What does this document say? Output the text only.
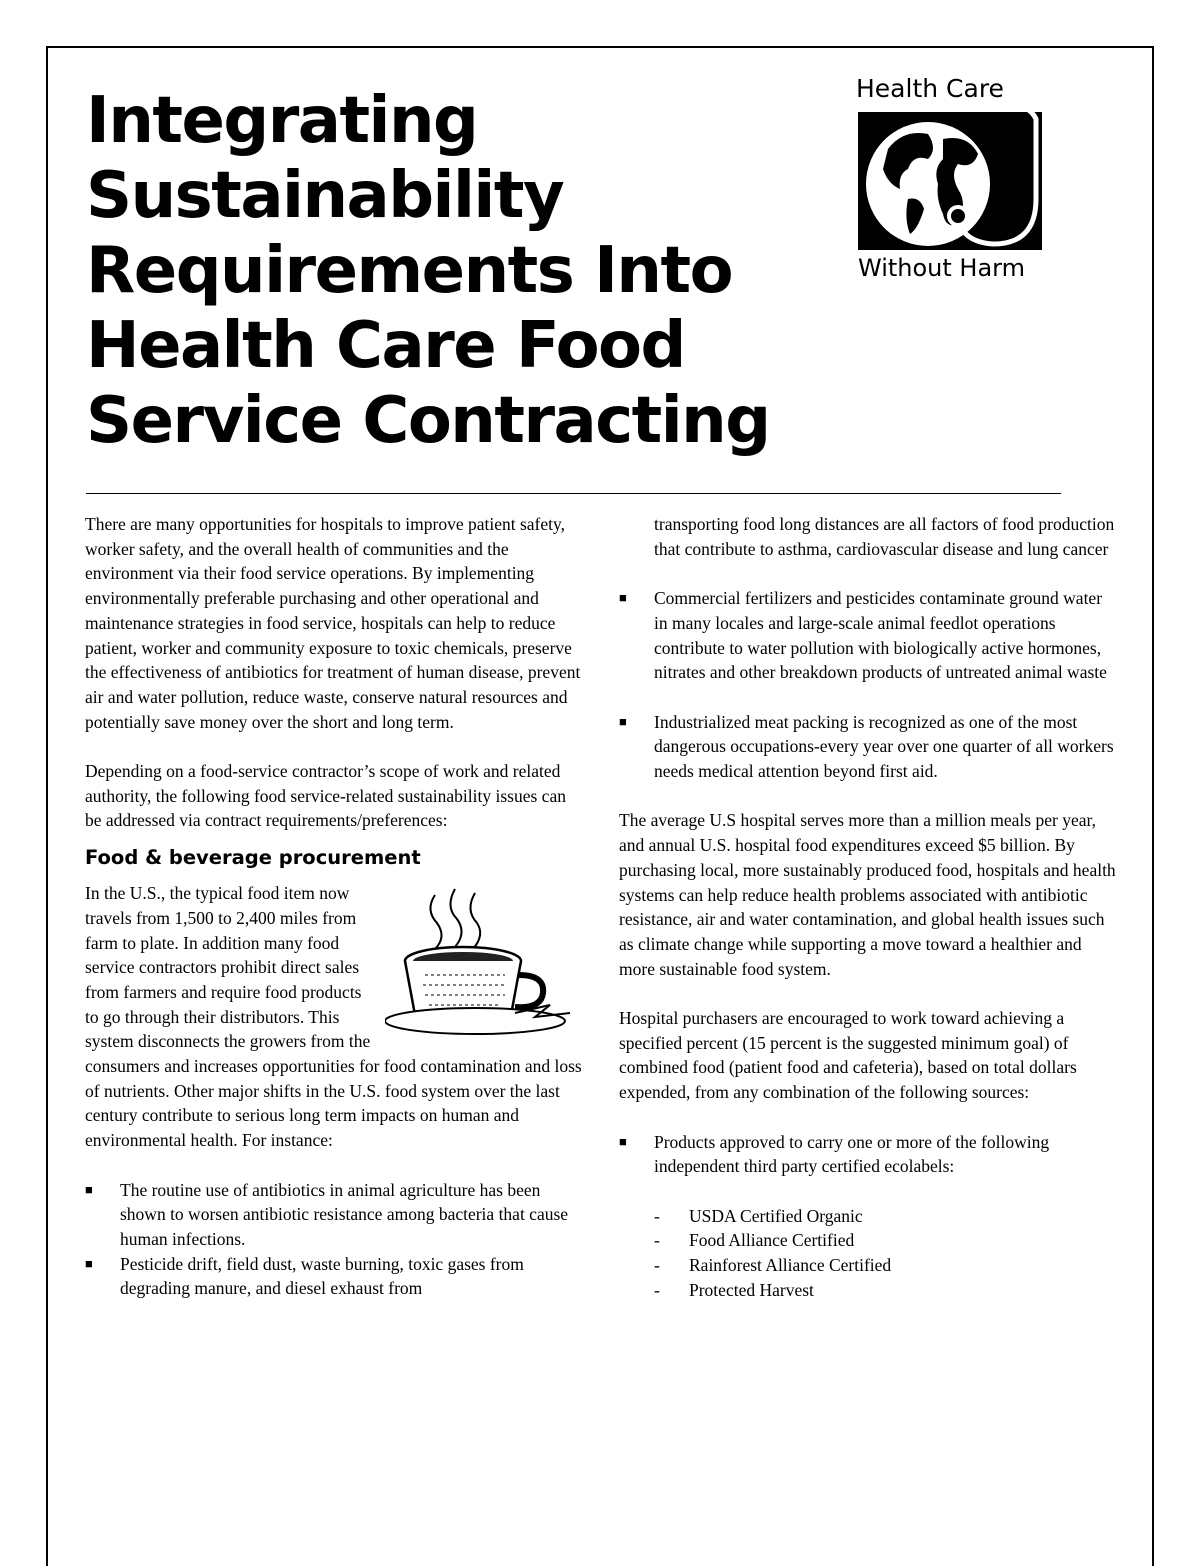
Integrating Sustainability Requirements Into Health Care Food Service Contracting
Health Care
Without Harm

There are many opportunities for hospitals to improve patient safety, worker safety, and the overall health of communities and the environment via their food service operations. By implementing environmentally preferable purchasing and other operational and maintenance strategies in food service, hospitals can help to reduce patient, worker and community exposure to toxic chemicals, preserve the effectiveness of antibiotics for treatment of human disease, prevent air and water pollution, reduce waste, conserve natural resources and potentially save money over the short and long term.

Depending on a food-service contractor’s scope of work and related authority, the following food service-related sustainability issues can be addressed via contract requirements/preferences:

Food & beverage procurement

In the U.S., the typical food item now travels from 1,500 to 2,400 miles from farm to plate. In addition many food service contractors prohibit direct sales from farmers and require food products to go through their distributors. This system disconnects the growers from the consumers and increases opportunities for food contamination and loss of nutrients. Other major shifts in the U.S. food system over the last century contribute to serious long term impacts on human and environmental health. For instance:

■ The routine use of antibiotics in animal agriculture has been shown to worsen antibiotic resistance among bacteria that cause human infections.
■ Pesticide drift, field dust, waste burning, toxic gases from degrading manure, and diesel exhaust from

transporting food long distances are all factors of food production that contribute to asthma, cardiovascular disease and lung cancer

■ Commercial fertilizers and pesticides contaminate ground water in many locales and large-scale animal feedlot operations contribute to water pollution with biologically active hormones, nitrates and other breakdown products of untreated animal waste
■ Industrialized meat packing is recognized as one of the most dangerous occupations-every year over one quarter of all workers needs medical attention beyond first aid.

The average U.S hospital serves more than a million meals per year, and annual U.S. hospital food expenditures exceed $5 billion. By purchasing local, more sustainably produced food, hospitals and health systems can help reduce health problems associated with antibiotic resistance, air and water contamination, and global health issues such as climate change while supporting a move toward a healthier and more sustainable food system.

Hospital purchasers are encouraged to work toward achieving a specified percent (15 percent is the suggested minimum goal) of combined food (patient food and cafeteria), based on total dollars expended, from any combination of the following sources:

■ Products approved to carry one or more of the following independent third party certified ecolabels:
- USDA Certified Organic
- Food Alliance Certified
- Rainforest Alliance Certified
- Protected Harvest
